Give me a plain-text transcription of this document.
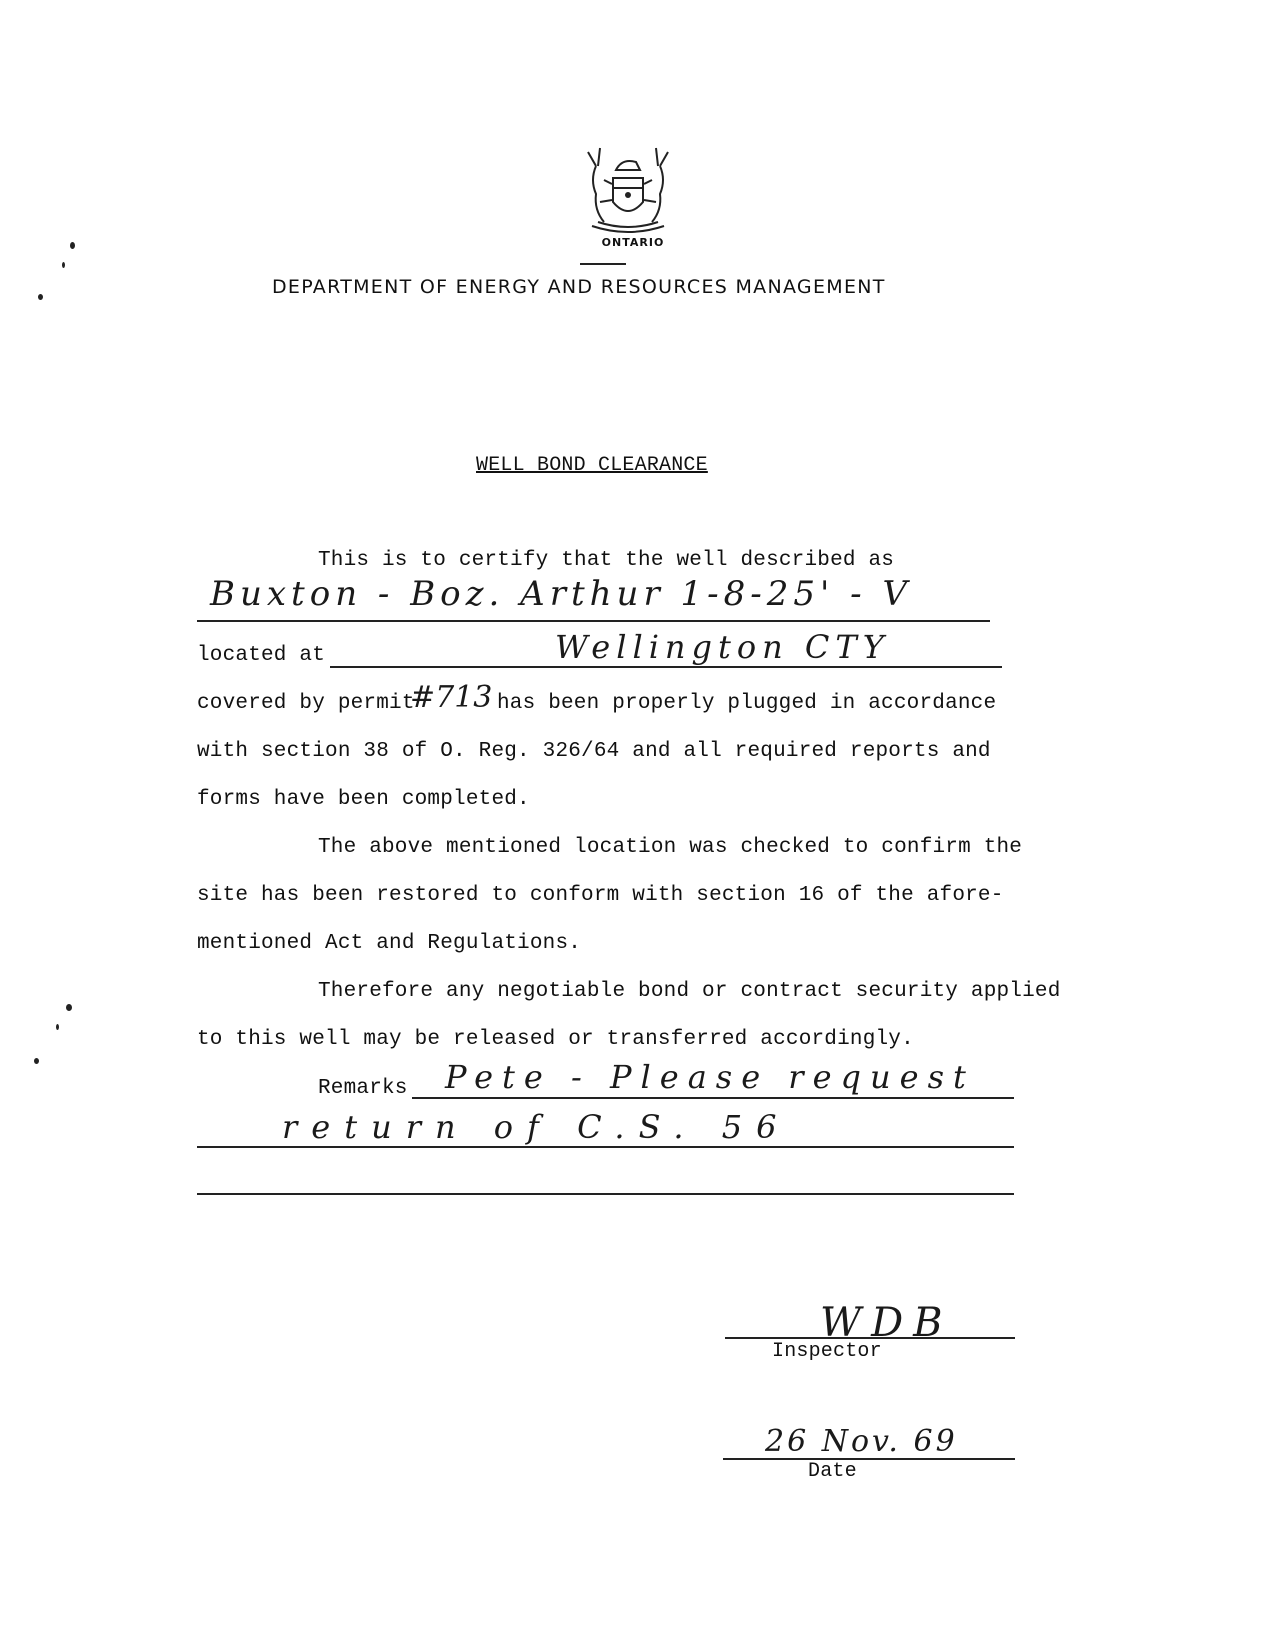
ONTARIO
DEPARTMENT OF ENERGY AND RESOURCES MANAGEMENT
WELL BOND CLEARANCE
This is to certify that the well described as
Buxton - Boz. Arthur 1-8-25' - V
located at	Wellington CTY
covered by permit
#713 has been properly plugged in accordance
with section 38 of O. Reg. 326/64 and all required reports and
forms have been completed.
The above mentioned location was checked to confirm the
site has been restored to conform with section 16 of the afore-
mentioned Act and Regulations.
Therefore any negotiable bond or contract security applied
to this well may be released or transferred accordingly.
Remarks Pete - Please request
return of C.S. 56
WDB
Inspector
26 Nov. 69
Date
